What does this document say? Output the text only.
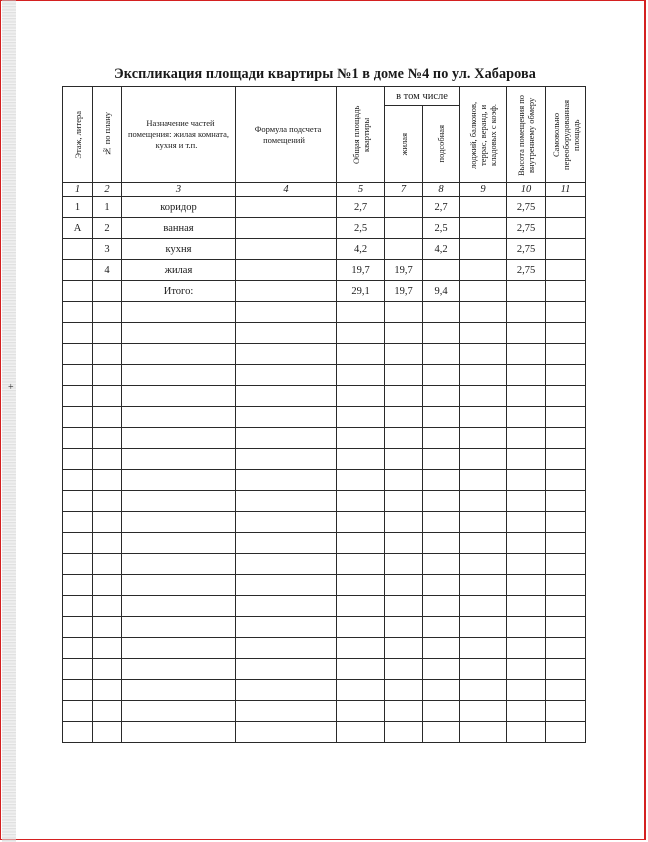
+
Экспликация площади квартиры №1 в доме №4 по ул. Хабарова
Этаж, литера	№ по плану	Назначение частей помещения: жилая комната, кухня и т.п.	Формула подсчета помещений	Общая площадь квартиры	в том числе		лоджий, балконов, террас, веранд, и кладовых с коэф.	Высота помещения по внутреннему обмеру	Самовольно переоборудованная площадь

					жилая	подсобная			

1	2	3	4	5	7	8	9	10	11
1	1	коридор		2,7		2,7		2,75	
А	2	ванная		2,5		2,5		2,75	
	3	кухня		4,2		4,2		2,75	
	4	жилая		19,7	19,7			2,75	
		Итого:		29,1	19,7	9,4			
